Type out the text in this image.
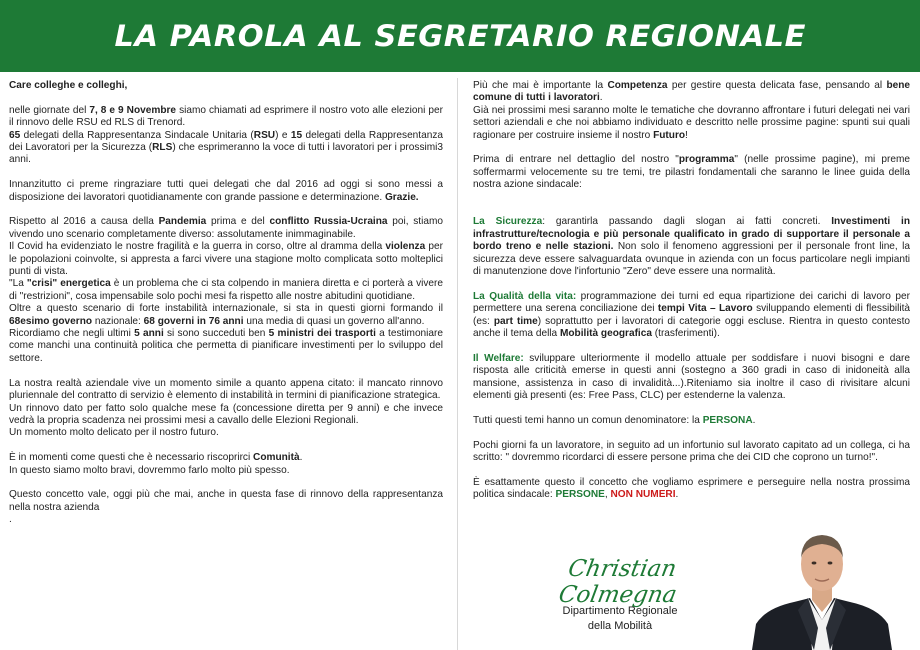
LA PAROLA AL SEGRETARIO REGIONALE

Care colleghe e colleghi,

nelle giornate del 7, 8 e 9 Novembre siamo chiamati ad esprimere il nostro voto alle elezioni per il rinnovo delle RSU ed RLS di Trenord.

65 delegati della Rappresentanza Sindacale Unitaria (RSU) e 15 delegati della Rappresentanza dei Lavoratori per la Sicurezza (RLS) che esprimeranno la voce di tutti i lavoratori per i prossimi3 anni.

Innanzitutto ci preme ringraziare tutti quei delegati che dal 2016 ad oggi si sono messi a disposizione dei lavoratori quotidianamente con grande passione e determinazione. Grazie.

Rispetto al 2016 a causa della Pandemia prima e del conflitto Russia-Ucraina poi, stiamo vivendo uno scenario completamente diverso: assolutamente inimmaginabile.

Il Covid ha evidenziato le nostre fragilità e la guerra in corso, oltre al dramma della violenza per le popolazioni coinvolte, si appresta a farci vivere una stagione molto complicata sotto molteplici punti di vista.

"La "crisi" energetica è un problema che ci sta colpendo in maniera diretta e ci porterà a vivere di "restrizioni", cosa impensabile solo pochi mesi fa rispetto alle nostre abitudini quotidiane.

Oltre a questo scenario di forte instabilità internazionale, si sta in questi giorni formando il 68esimo governo nazionale: 68 governi in 76 anni una media di quasi un governo all'anno.

Ricordiamo che negli ultimi 5 anni si sono succeduti ben 5 ministri dei trasporti a testimoniare come manchi una continuità politica che permetta di pianificare investimenti per lo sviluppo del settore.

La nostra realtà aziendale vive un momento simile a quanto appena citato: il mancato rinnovo pluriennale del contratto di servizio è elemento di instabilità in termini di pianificazione strategica.

Un rinnovo dato per fatto solo qualche mese fa (concessione diretta per 9 anni) e che invece vedrà la propria scadenza nei prossimi mesi a cavallo delle Elezioni Regionali.

Un momento molto delicato per il nostro futuro.

È in momenti come questi che è necessario riscoprirci Comunità.

In questo siamo molto bravi, dovremmo farlo molto più spesso.

Questo concetto vale, oggi più che mai, anche in questa fase di rinnovo della rappresentanza nella nostra azienda

.

Più che mai è importante la Competenza per gestire questa delicata fase, pensando al bene comune di tutti i lavoratori.

Già nei prossimi mesi saranno molte le tematiche che dovranno affrontare i futuri delegati nei vari settori aziendali e che noi abbiamo individuato e descritto nelle prossime pagine: spunti sui quali ragionare per costruire insieme il nostro Futuro!

Prima di entrare nel dettaglio del nostro "programma" (nelle prossime pagine), mi preme soffermarmi velocemente su tre temi, tre pilastri fondamentali che saranno le linee guida della nostra azione sindacale:

La Sicurezza: garantirla passando dagli slogan ai fatti concreti. Investimenti in infrastrutture/tecnologia e più personale qualificato in grado di supportare il personale a bordo treno e nelle stazioni. Non solo il fenomeno aggressioni per il personale front line, la sicurezza deve essere salvaguardata ovunque in azienda con un focus particolare negli impianti di manutenzione dove l'infortunio "Zero" deve essere una normalità.

La Qualità della vita: programmazione dei turni ed equa ripartizione dei carichi di lavoro per permettere una serena conciliazione dei tempi Vita – Lavoro sviluppando elementi di flessibilità (es: part time) soprattutto per i lavoratori di categorie oggi escluse. Rientra in questo contesto anche il tema della Mobilità geografica (trasferimenti).

Il Welfare: sviluppare ulteriormente il modello attuale per soddisfare i nuovi bisogni e dare risposta alle criticità emerse in questi anni (sostegno a 360 gradi in caso di inidoneità alla mansione, assistenza in caso di invalidità...).Riteniamo sia inoltre il caso di rivisitare alcuni elementi già presenti (es: Free Pass, CLC) per estenderne la valenza.

Tutti questi temi hanno un comun denominatore: la PERSONA.

Pochi giorni fa un lavoratore, in seguito ad un infortunio sul lavorato capitato ad un collega, ci ha scritto: " dovremmo ricordarci di essere persone prima che dei CID che coprono un turno!".

È esattamente questo il concetto che vogliamo esprimere e perseguire nella nostra prossima politica sindacale: PERSONE, NON NUMERI.

Christian Colmegna
Dipartimento Regionale
della Mobilità
